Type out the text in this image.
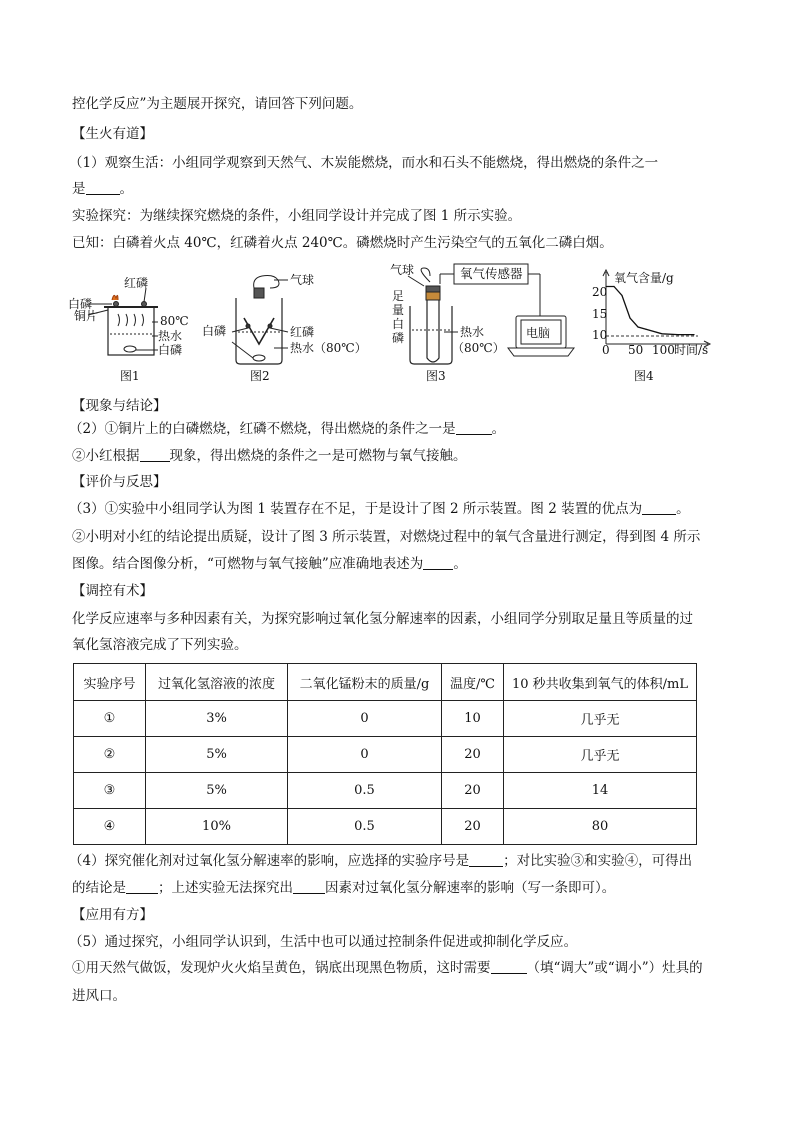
控化学反应”为主题展开探究，请回答下列问题。
【生火有道】
（1）观察生活：小组同学观察到天然气、木炭能燃烧，而水和石头不能燃烧，得出燃烧的条件之一
是	。
实验探究：为继续探究燃烧的条件，小组同学设计并完成了图 1 所示实验。
已知：白磷着火点 40℃，红磷着火点 240℃。磷燃烧时产生污染空气的五氧化二磷白烟。
红磷
白磷
铜片	80℃
热水
白磷
图1
气球
白磷	红磷
热水（80℃）
图2
气球	氧气传感器
足
量
白
磷	热水
（80℃）
电脑
图3
氧气含量/g
时间/s
20
15
10
0 50 100
图4
【现象与结论】
（2）①铜片上的白磷燃烧，红磷不燃烧，得出燃烧的条件之一是	。
②小红根据 现象，得出燃烧的条件之一是可燃物与氧气接触。
【评价与反思】
（3）①实验中小组同学认为图 1 装置存在不足，于是设计了图 2 所示装置。图 2 装置的优点为	。
②小明对小红的结论提出质疑，设计了图 3 所示装置，对燃烧过程中的氧气含量进行测定，得到图 4 所示
图像。结合图像分析，“可燃物与氧气接触”应准确地表述为 。
【调控有术】
化学反应速率与多种因素有关，为探究影响过氧化氢分解速率的因素，小组同学分别取足量且等质量的过
氧化氢溶液完成了下列实验。
实验序号	过氧化氢溶液的浓度	二氧化锰粉末的质量/g	温度/℃	10 秒共收集到氧气的体积/mL
①	3%	0	10	几乎无
②	5%	0	20	几乎无
③	5%	0.5	20	14
④	10%	0.5	20	80
（4）探究催化剂对过氧化氢分解速率的影响，应选择的实验序号是	；对比实验③和实验④，可得出
的结论是 ；上述实验无法探究出 因素对过氧化氢分解速率的影响（写一条即可）。
【应用有方】
（5）通过探究，小组同学认识到，生活中也可以通过控制条件促进或抑制化学反应。
①用天然气做饭，发现炉火火焰呈黄色，锅底出现黑色物质，这时需要	（填“调大”或“调小”）灶具的
进风口。
